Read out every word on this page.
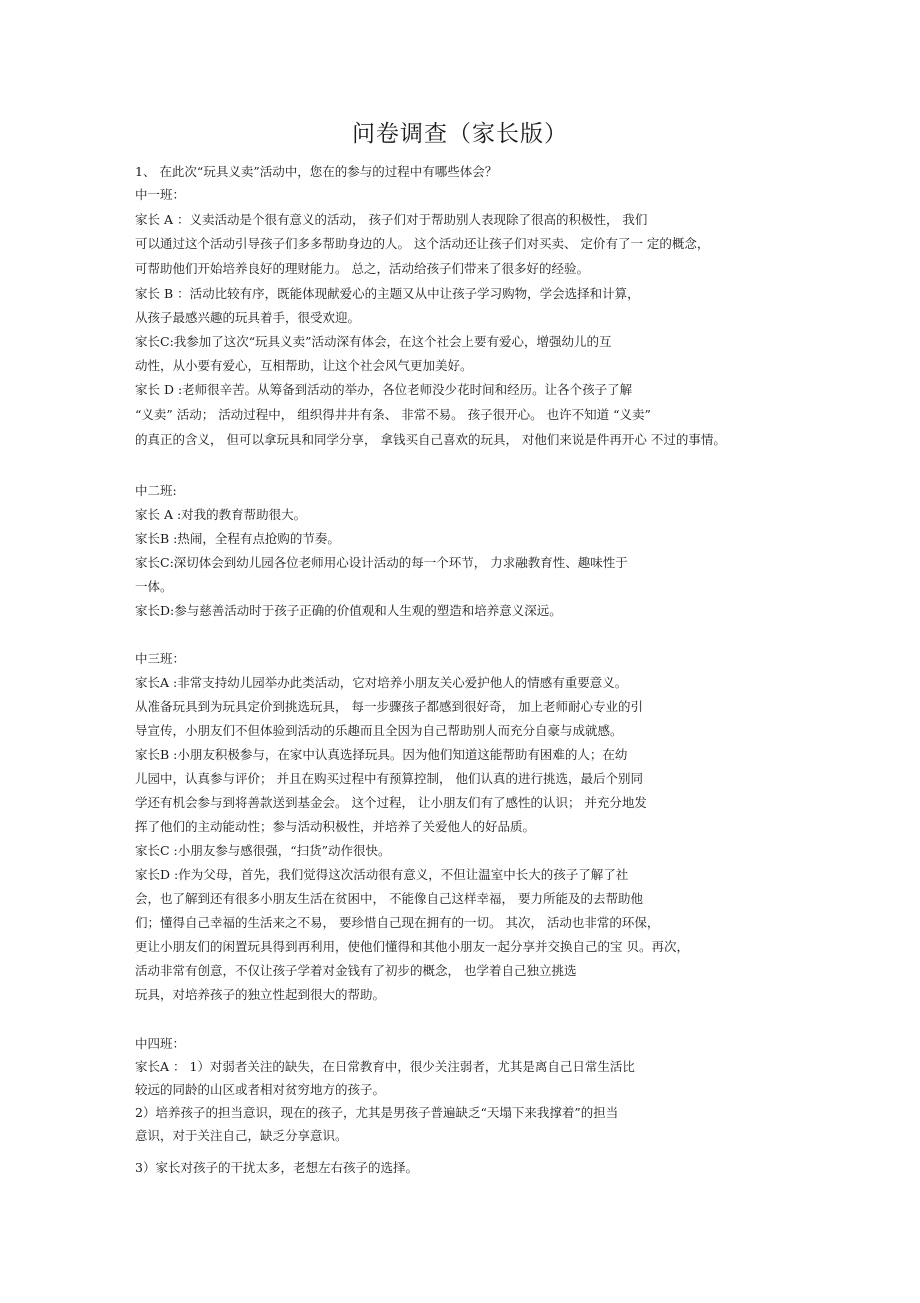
问卷调查（家长版）
1、 在此次“玩具义卖”活动中，您在的参与的过程中有哪些体会？
中一班：
家长 A ：义卖活动是个很有意义的活动， 孩子们对于帮助别人表现除了很高的积极性， 我们
可以通过这个活动引导孩子们多多帮助身边的人。 这个活动还让孩子们对买卖、 定价有了一 定的概念，
可帮助他们开始培养良好的理财能力。 总之，活动给孩子们带来了很多好的经验。
家长 B ：活动比较有序，既能体现献爱心的主题又从中让孩子学习购物，学会选择和计算，
从孩子最感兴趣的玩具着手，很受欢迎。
家长C:我参加了这次“玩具义卖”活动深有体会，在这个社会上要有爱心，增强幼儿的互
动性，从小要有爱心，互相帮助，让这个社会风气更加美好。
家长 D :老师很辛苦。从筹备到活动的举办，各位老师没少花时间和经历。让各个孩子了解
“义卖” 活动； 活动过程中， 组织得井井有条、 非常不易。 孩子很开心。 也许不知道 “义卖”
的真正的含义， 但可以拿玩具和同学分享， 拿钱买自己喜欢的玩具， 对他们来说是件再开心 不过的事情。
中二班:
家长 A :对我的教育帮助很大。
家长B :热闹，全程有点抢购的节奏。
家长C:深切体会到幼儿园各位老师用心设计活动的每一个环节， 力求融教育性、趣味性于
一体。
家长D:参与慈善活动时于孩子正确的价值观和人生观的塑造和培养意义深远。
中三班：
家长A :非常支持幼儿园举办此类活动，它对培养小朋友关心爱护他人的情感有重要意义。
从准备玩具到为玩具定价到挑选玩具， 每一步骤孩子都感到很好奇， 加上老师耐心专业的引
导宣传，小朋友们不但体验到活动的乐趣而且全因为自己帮助别人而充分自豪与成就感。
家长B :小朋友积极参与，在家中认真选择玩具。因为他们知道这能帮助有困难的人；在幼
儿园中，认真参与评价； 并且在购买过程中有预算控制， 他们认真的进行挑选，最后个别同
学还有机会参与到将善款送到基金会。 这个过程， 让小朋友们有了感性的认识； 并充分地发
挥了他们的主动能动性；参与活动积极性，并培养了关爱他人的好品质。
家长C :小朋友参与感很强，“扫货”动作很快。
家长D :作为父母，首先，我们觉得这次活动很有意义，不但让温室中长大的孩子了解了社
会，也了解到还有很多小朋友生活在贫困中， 不能像自己这样幸福， 要力所能及的去帮助他
们；懂得自己幸福的生活来之不易， 要珍惜自己现在拥有的一切。 其次， 活动也非常的环保，
更让小朋友们的闲置玩具得到再利用，使他们懂得和其他小朋友一起分享并交换自己的宝 贝。再次，
活动非常有创意，不仅让孩子学着对金钱有了初步的概念， 也学着自己独立挑选
玩具，对培养孩子的独立性起到很大的帮助。
中四班：
家长A ： 1）对弱者关注的缺失，在日常教育中，很少关注弱者，尤其是离自己日常生活比
较远的同龄的山区或者相对贫穷地方的孩子。
2）培养孩子的担当意识，现在的孩子，尤其是男孩子普遍缺乏“天塌下来我撑着”的担当
意识，对于关注自己，缺乏分享意识。
3）家长对孩子的干扰太多，老想左右孩子的选择。
